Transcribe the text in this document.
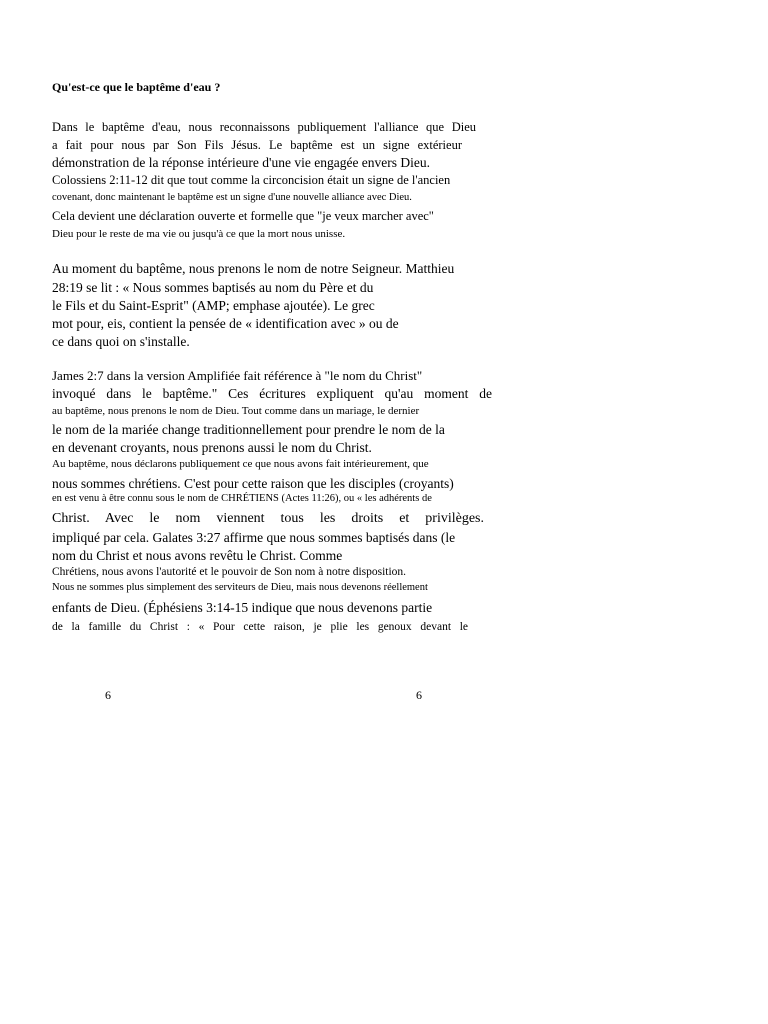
Qu'est-ce que le baptême d'eau ?
Dans le baptême d'eau, nous reconnaissons publiquement l'alliance que Dieu
a fait pour nous par Son Fils Jésus. Le baptême est un signe extérieur
démonstration de la réponse intérieure d'une vie engagée envers Dieu.
Colossiens 2:11-12 dit que tout comme la circoncision était un signe de l'ancien
covenant, donc maintenant le baptême est un signe d'une nouvelle alliance avec Dieu.
Cela devient une déclaration ouverte et formelle que "je veux marcher avec"
Dieu pour le reste de ma vie ou jusqu'à ce que la mort nous unisse.
Au moment du baptême, nous prenons le nom de notre Seigneur. Matthieu
28:19 se lit : « Nous sommes baptisés au nom du Père et du
le Fils et du Saint-Esprit" (AMP; emphase ajoutée). Le grec
mot pour, eis, contient la pensée de « identification avec » ou de
ce dans quoi on s'installe.
James 2:7 dans la version Amplifiée fait référence à "le nom du Christ"
invoqué dans le baptême." Ces écritures expliquent qu'au moment de
au baptême, nous prenons le nom de Dieu. Tout comme dans un mariage, le dernier
le nom de la mariée change traditionnellement pour prendre le nom de la
en devenant croyants, nous prenons aussi le nom du Christ.
Au baptême, nous déclarons publiquement ce que nous avons fait intérieurement, que
nous sommes chrétiens. C'est pour cette raison que les disciples (croyants)
en est venu à être connu sous le nom de CHRÉTIENS (Actes 11:26), ou « les adhérents de
Christ. Avec le nom viennent tous les droits et privilèges.
impliqué par cela. Galates 3:27 affirme que nous sommes baptisés dans (le
nom du Christ et nous avons revêtu le Christ. Comme
Chrétiens, nous avons l'autorité et le pouvoir de Son nom à notre disposition.
Nous ne sommes plus simplement des serviteurs de Dieu, mais nous devenons réellement
enfants de Dieu. (Éphésiens 3:14-15 indique que nous devenons partie
de la famille du Christ : « Pour cette raison, je plie les genoux devant le
6	6
